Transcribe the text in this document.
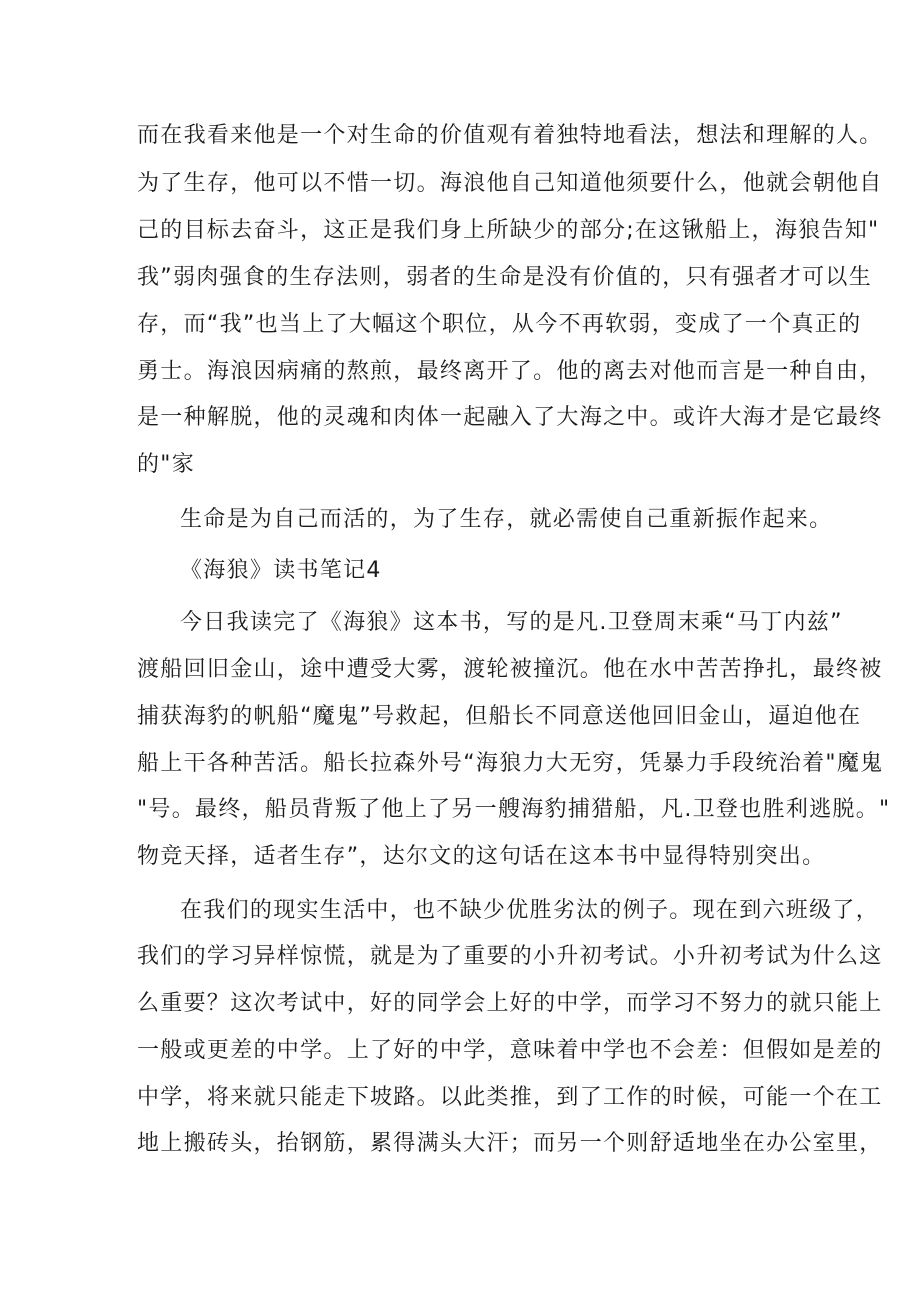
而在我看来他是一个对生命的价值观有着独特地看法，想法和理解的人。
为了生存，他可以不惜一切。海浪他自己知道他须要什么，他就会朝他自
己的目标去奋斗，这正是我们身上所缺少的部分;在这锹船上，海狼告知"
我”弱肉强食的生存法则，弱者的生命是没有价值的，只有强者才可以生
存，而“我”也当上了大幅这个职位，从今不再软弱，变成了一个真正的
勇士。海浪因病痛的熬煎，最终离开了。他的离去对他而言是一种自由，
是一种解脱，他的灵魂和肉体一起融入了大海之中。或许大海才是它最终
的"家
生命是为自己而活的，为了生存，就必需使自己重新振作起来。
《海狼》读书笔记4
今日我读完了《海狼》这本书，写的是凡.卫登周末乘“马丁内兹”
渡船回旧金山，途中遭受大雾，渡轮被撞沉。他在水中苦苦挣扎，最终被
捕获海豹的帆船“魔鬼”号救起，但船长不同意送他回旧金山，逼迫他在
船上干各种苦活。船长拉森外号“海狼力大无穷，凭暴力手段统治着"魔鬼
"号。最终，船员背叛了他上了另一艘海豹捕猎船，凡.卫登也胜利逃脱。"
物竞天择，适者生存”，达尔文的这句话在这本书中显得特别突出。
在我们的现实生活中，也不缺少优胜劣汰的例子。现在到六班级了，
我们的学习异样惊慌，就是为了重要的小升初考试。小升初考试为什么这
么重要？这次考试中，好的同学会上好的中学，而学习不努力的就只能上
一般或更差的中学。上了好的中学，意味着中学也不会差：但假如是差的
中学，将来就只能走下坡路。以此类推，到了工作的时候，可能一个在工
地上搬砖头，抬钢筋，累得满头大汗；而另一个则舒适地坐在办公室里，
